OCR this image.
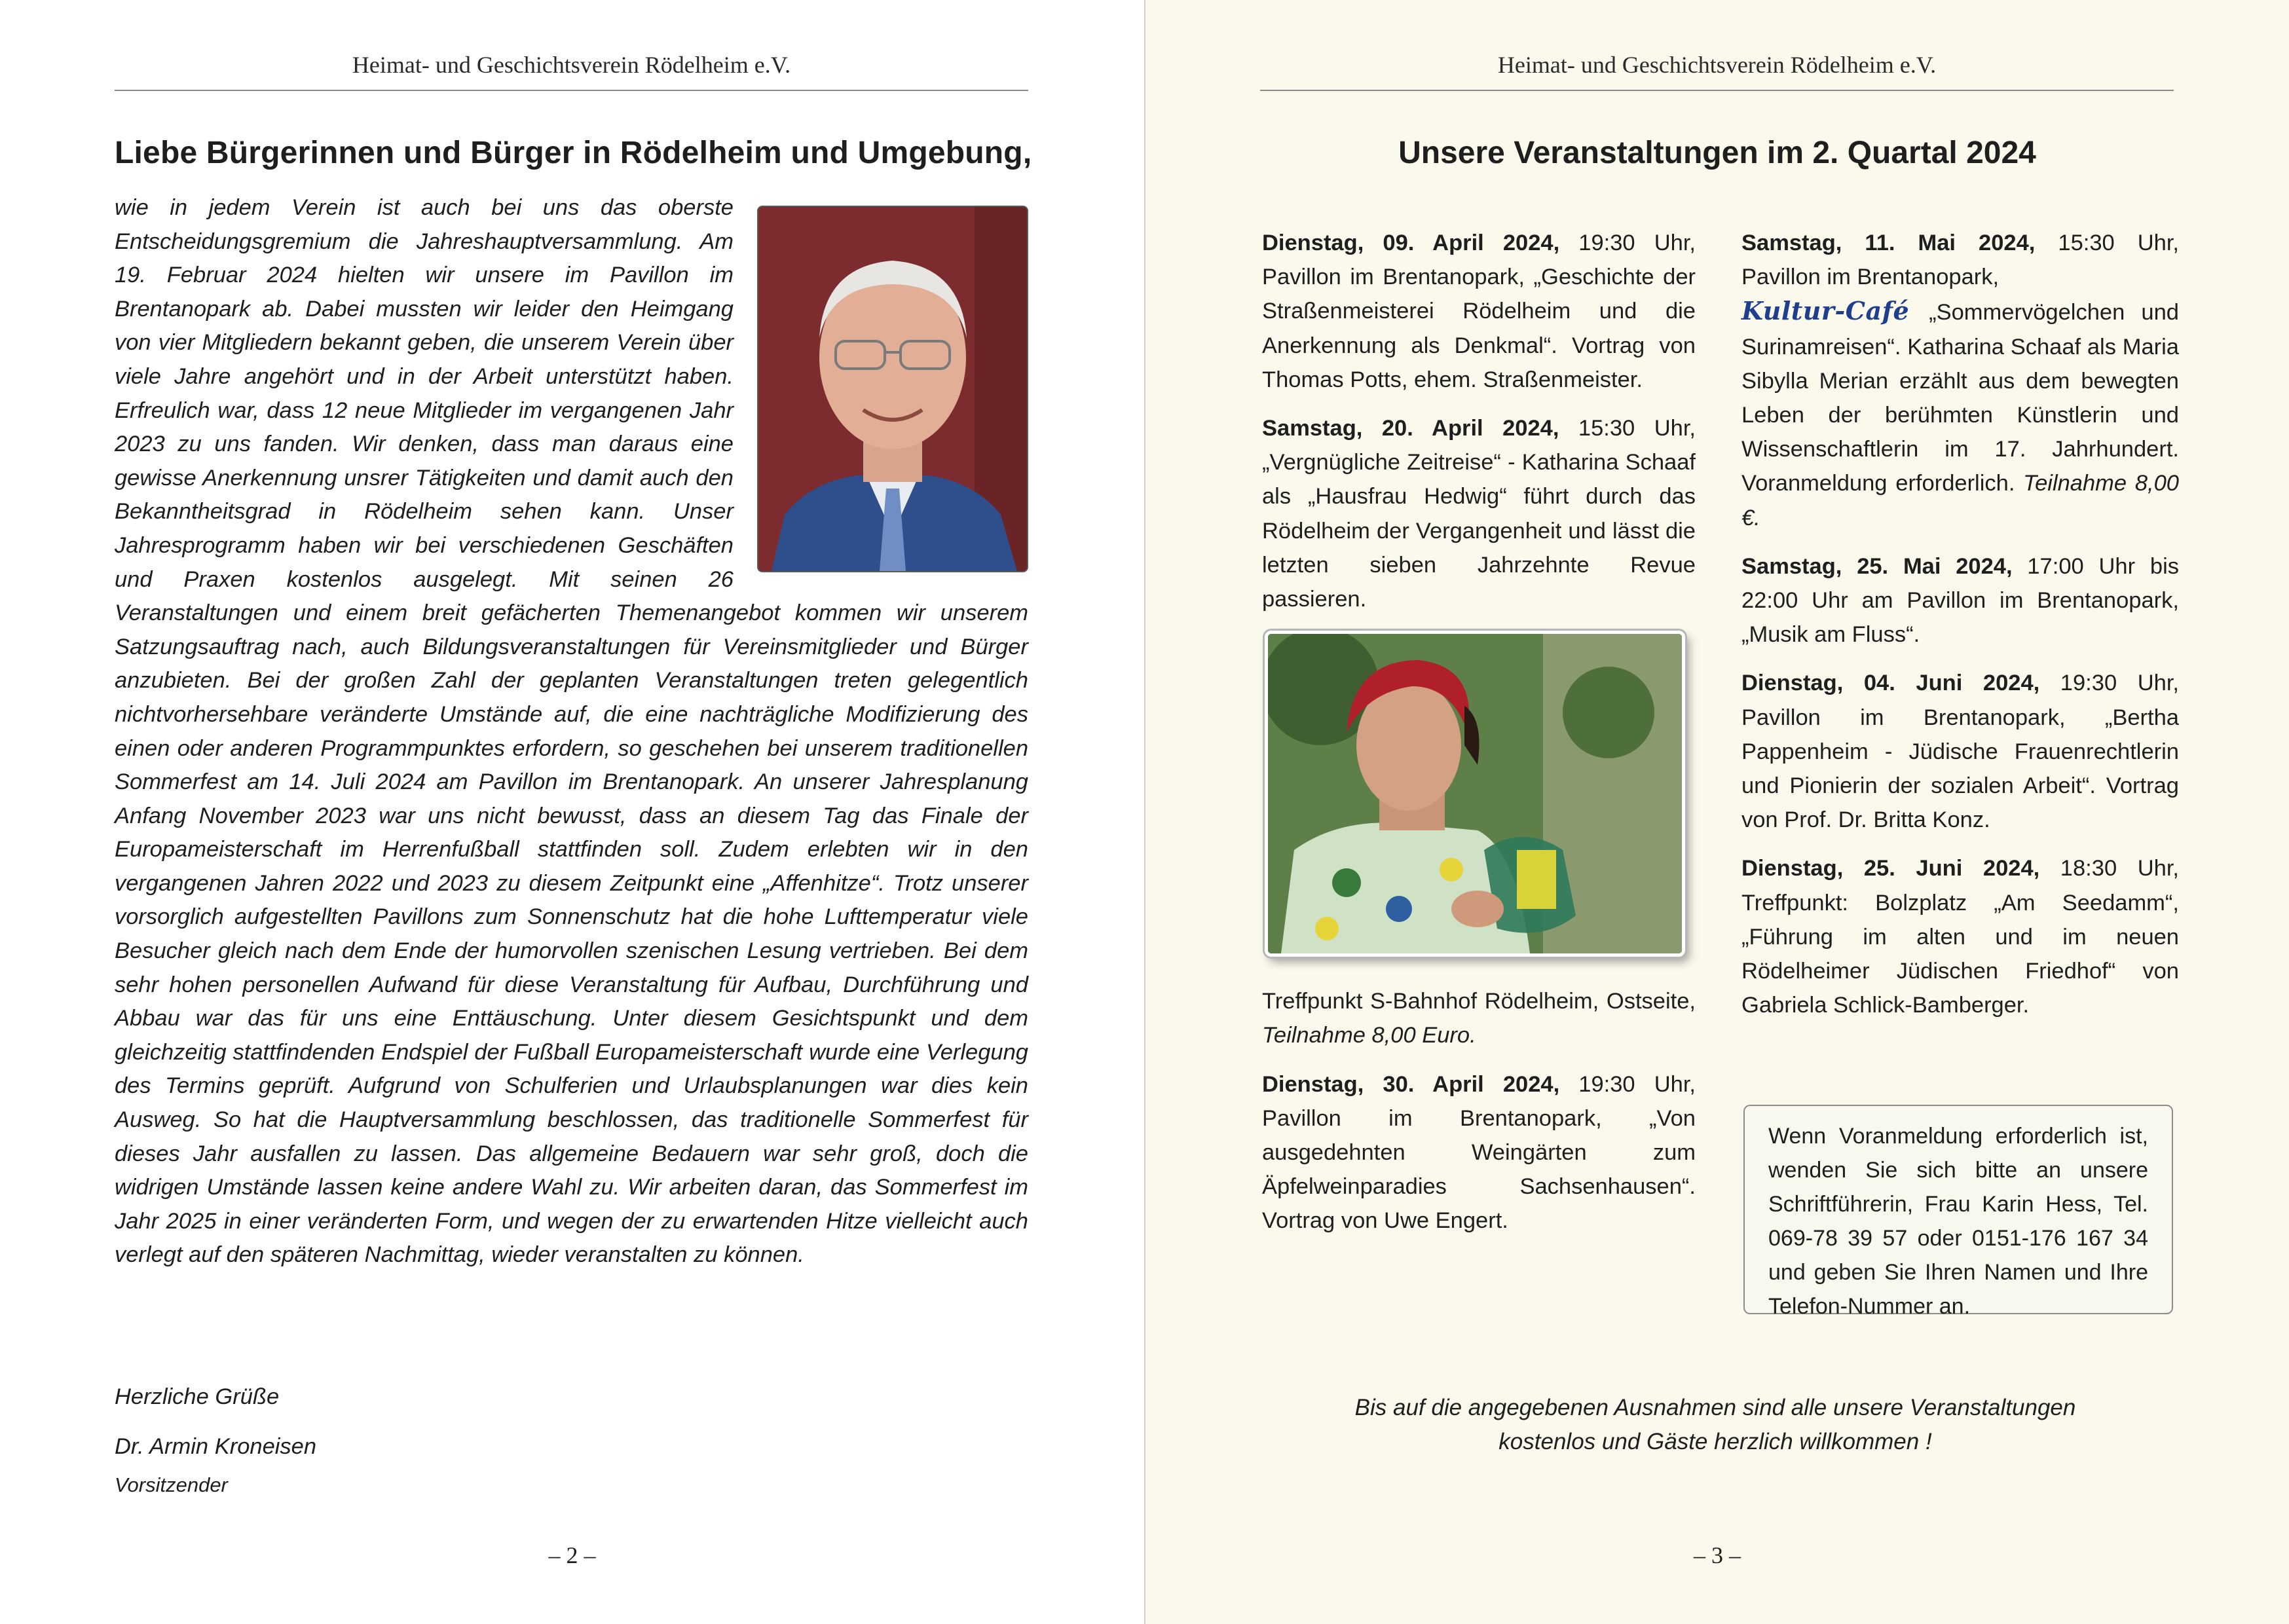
Heimat- und Geschichtsverein Rödelheim e.V.
Liebe Bürgerinnen und Bürger in Rödelheim und Umgebung,

wie in jedem Verein ist auch bei uns das oberste Entscheidungsgremium die Jahreshauptversammlung. Am 19. Februar 2024 hielten wir unsere im Pavillon im Brentanopark ab. Dabei mussten wir leider den Heimgang von vier Mitgliedern bekannt geben, die unserem Verein über viele Jahre angehört und in der Arbeit unterstützt haben. Erfreulich war, dass 12 neue Mitglieder im vergangenen Jahr 2023 zu uns fanden. Wir denken, dass man daraus eine gewisse Anerkennung unsrer Tätigkeiten und damit auch den Bekanntheitsgrad in Rödelheim sehen kann. Unser Jahresprogramm haben wir bei verschiedenen Geschäften und Praxen kostenlos ausgelegt. Mit seinen 26 Veranstaltungen und einem breit gefächerten Themenangebot kommen wir unserem Satzungsauftrag nach, auch Bildungsveranstaltungen für Vereinsmitglieder und Bürger anzubieten. Bei der großen Zahl der geplanten Veranstaltungen treten gelegentlich nichtvorhersehbare veränderte Umstände auf, die eine nachträgliche Modifizierung des einen oder anderen Programmpunktes erfordern, so geschehen bei unserem traditionellen Sommerfest am 14. Juli 2024 am Pavillon im Brentanopark. An unserer Jahresplanung Anfang November 2023 war uns nicht bewusst, dass an diesem Tag das Finale der Europameisterschaft im Herrenfußball stattfinden soll. Zudem erlebten wir in den vergangenen Jahren 2022 und 2023 zu diesem Zeitpunkt eine „Affenhitze“. Trotz unserer vorsorglich aufgestellten Pavillons zum Sonnenschutz hat die hohe Lufttemperatur viele Besucher gleich nach dem Ende der humorvollen szenischen Lesung vertrieben. Bei dem sehr hohen personellen Aufwand für diese Veranstaltung für Aufbau, Durchführung und Abbau war das für uns eine Enttäuschung. Unter diesem Gesichtspunkt und dem gleichzeitig stattfindenden Endspiel der Fußball Europameisterschaft wurde eine Verlegung des Termins geprüft. Aufgrund von Schulferien und Urlaubsplanungen war dies kein Ausweg. So hat die Hauptversammlung beschlossen, das traditionelle Sommerfest für dieses Jahr ausfallen zu lassen. Das allgemeine Bedauern war sehr groß, doch die widrigen Umstände lassen keine andere Wahl zu. Wir arbeiten daran, das Sommerfest im Jahr 2025 in einer veränderten Form, und wegen der zu erwartenden Hitze vielleicht auch verlegt auf den späteren Nachmittag, wieder veranstalten zu können.

Herzliche Grüße
Dr. Armin Kroneisen
Vorsitzender
– 2 –
Heimat- und Geschichtsverein Rödelheim e.V.
Unsere Veranstaltungen im 2. Quartal 2024

Dienstag, 09. April 2024, 19:30 Uhr, Pavillon im Brentanopark, „Geschichte der Straßenmeisterei Rödelheim und die Anerkennung als Denkmal“. Vortrag von Thomas Potts, ehem. Straßenmeister.

Samstag, 20. April 2024, 15:30 Uhr, „Vergnügliche Zeitreise“ - Katharina Schaaf als „Hausfrau Hedwig“ führt durch das Rödelheim der Vergangenheit und lässt die letzten sieben Jahrzehnte Revue passieren.

Treffpunkt S-Bahnhof Rödelheim, Ostseite, Teilnahme 8,00 Euro.

Dienstag, 30. April 2024, 19:30 Uhr, Pavillon im Brentanopark, „Von ausgedehnten Weingärten zum Äpfelweinparadies Sachsenhausen“. Vortrag von Uwe Engert.

Samstag, 11. Mai 2024, 15:30 Uhr, Pavillon im Brentanopark,
Kultur-Café „Sommervögelchen und Surinamreisen“. Katharina Schaaf als Maria Sibylla Merian erzählt aus dem bewegten Leben der berühmten Künstlerin und Wissenschaftlerin im 17. Jahrhundert. Voranmeldung erforderlich. Teilnahme 8,00 €.

Samstag, 25. Mai 2024, 17:00 Uhr bis 22:00 Uhr am Pavillon im Brentanopark, „Musik am Fluss“.

Dienstag, 04. Juni 2024, 19:30 Uhr, Pavillon im Brentanopark, „Bertha Pappenheim - Jüdische Frauenrechtlerin und Pionierin der sozialen Arbeit“. Vortrag von Prof. Dr. Britta Konz.

Dienstag, 25. Juni 2024, 18:30 Uhr, Treffpunkt: Bolzplatz „Am Seedamm“, „Führung im alten und im neuen Rödelheimer Jüdischen Friedhof“ von Gabriela Schlick-Bamberger.

Wenn Voranmeldung erforderlich ist, wenden Sie sich bitte an unsere Schriftführerin, Frau Karin Hess, Tel. 069-78 39 57 oder 0151-176 167 34 und geben Sie Ihren Namen und Ihre Telefon-Nummer an.
Bis auf die angegebenen Ausnahmen sind alle unsere Veranstaltungen
kostenlos und Gäste herzlich willkommen !
– 3 –
